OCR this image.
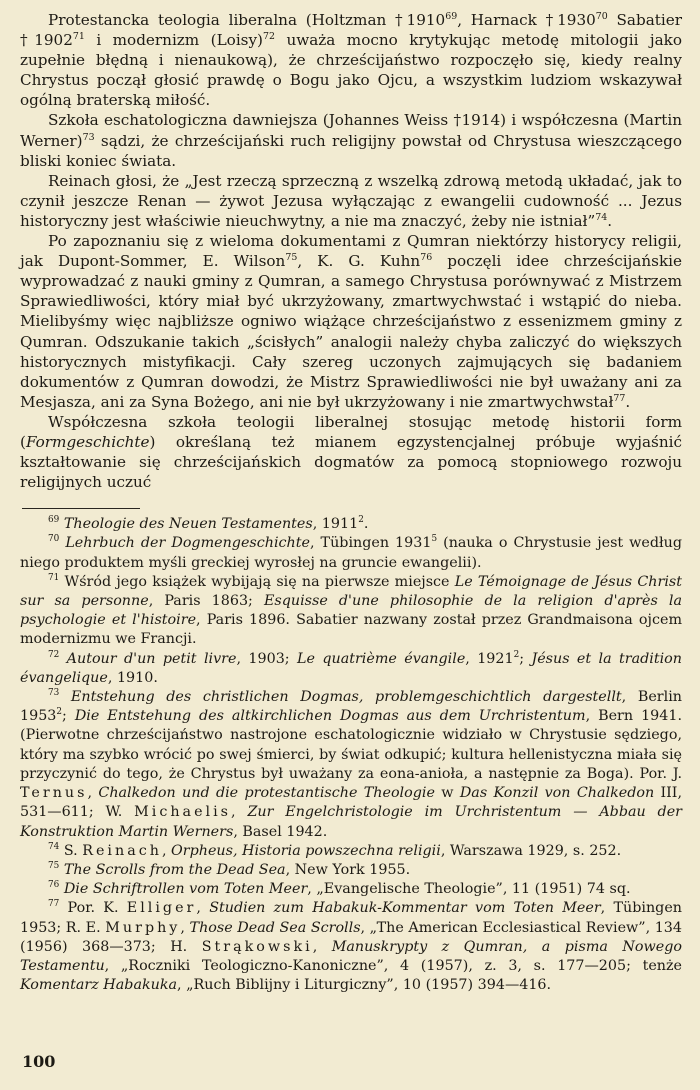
Protestancka teologia liberalna (Holtzman †1910$^{69}$, Harnack †1930$^{70}$ Sabatier †1902$^{71}$ i modernizm (Loisy)$^{72}$ uważa mocno krytykując metodę mitologii jako zupełnie błędną i nienaukową), że chrześcijaństwo rozpoczęło się, kiedy realny Chrystus począł głosić prawdę o Bogu jako Ojcu, a wszystkim ludziom wskazywał ogólną braterską miłość.

Szkoła eschatologiczna dawniejsza (Johannes Weiss †1914) i współczesna (Martin Werner)$^{73}$ sądzi, że chrześcijański ruch religijny powstał od Chrystusa wieszczącego bliski koniec świata.

Reinach głosi, że „Jest rzeczą sprzeczną z wszelką zdrową metodą układać, jak to czynił jeszcze Renan — żywot Jezusa wyłączając z ewangelii cudowność ... Jezus historyczny jest właściwie nieuchwytny, a nie ma znaczyć, żeby nie istniał”$^{74}$.

Po zapoznaniu się z wieloma dokumentami z Qumran niektórzy historycy religii, jak Dupont-Sommer, E. Wilson$^{75}$, K. G. Kuhn$^{76}$ poczęli idee chrześcijańskie wyprowadzać z nauki gminy z Qumran, a samego Chrystusa porównywać z Mistrzem Sprawiedliwości, który miał być ukrzyżowany, zmartwychwstać i wstąpić do nieba. Mielibyśmy więc najbliższe ogniwo wiążące chrześcijaństwo z essenizmem gminy z Qumran. Odszukanie takich „ścisłych” analogii należy chyba zaliczyć do większych historycznych mistyfikacji. Cały szereg uczonych zajmujących się badaniem dokumentów z Qumran dowodzi, że Mistrz Sprawiedliwości nie był uważany ani za Mesjasza, ani za Syna Bożego, ani nie był ukrzyżowany i nie zmartwychwstał$^{77}$.

Współczesna szkoła teologii liberalnej stosując metodę historii form (Formgeschichte) określaną też mianem egzystencjalnej próbuje wyjaśnić kształtowanie się chrześcijańskich dogmatów za pomocą stopniowego rozwoju religijnych uczuć

$^{69}$ Theologie des Neuen Testamentes, 1911$^2$.

$^{70}$ Lehrbuch der Dogmengeschichte, Tübingen 1931$^5$ (nauka o Chrystusie jest według niego produktem myśli greckiej wyrosłej na gruncie ewangelii).

$^{71}$ Wśród jego książek wybijają się na pierwsze miejsce Le Témoignage de Jésus Christ sur sa personne, Paris 1863; Esquisse d'une philosophie de la religion d'après la psychologie et l'histoire, Paris 1896. Sabatier nazwany został przez Grandmaisona ojcem modernizmu we Francji.

$^{72}$ Autour d'un petit livre, 1903; Le quatrième évangile, 1921$^2$; Jésus et la tradition évangelique, 1910.

$^{73}$ Entstehung des christlichen Dogmas, problemgeschichtlich dargestellt, Berlin 1953$^2$; Die Entstehung des altkirchlichen Dogmas aus dem Urchristentum, Bern 1941. (Pierwotne chrześcijaństwo nastrojone eschatologicznie widziało w Chrystusie sędziego, który ma szybko wrócić po swej śmierci, by świat odkupić; kultura hellenistyczna miała się przyczynić do tego, że Chrystus był uważany za eona-anioła, a następnie za Boga). Por. J. Ternus, Chalkedon und die protestantische Theologie w Das Konzil von Chalkedon III, 531—611; W. Michaelis, Zur Engelchristologie im Urchristentum — Abbau der Konstruktion Martin Werners, Basel 1942.

$^{74}$ S. Reinach, Orpheus, Historia powszechna religii, Warszawa 1929, s. 252.

$^{75}$ The Scrolls from the Dead Sea, New York 1955.

$^{76}$ Die Schriftrollen vom Toten Meer, „Evangelische Theologie”, 11 (1951) 74 sq.

$^{77}$ Por. K. Elliger, Studien zum Habakuk-Kommentar vom Toten Meer, Tübingen 1953; R. E. Murphy, Those Dead Sea Scrolls, „The American Ecclesiastical Review”, 134 (1956) 368—373; H. Strąkowski, Manuskrypty z Qumran, a pisma Nowego Testamentu, „Roczniki Teologiczno-Kanoniczne”, 4 (1957), z. 3, s. 177—205; tenże Komentarz Habakuka, „Ruch Biblijny i Liturgiczny”, 10 (1957) 394—416.

100
